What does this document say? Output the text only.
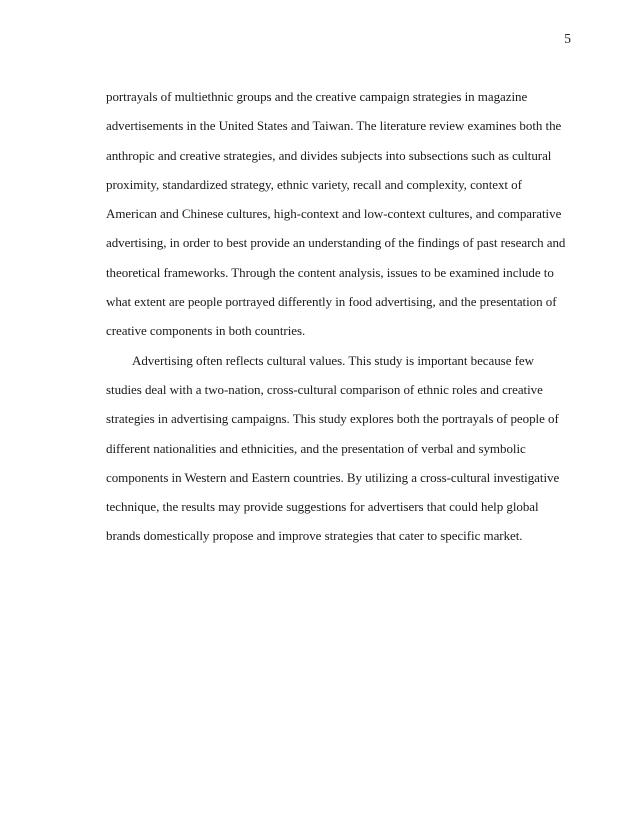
5
portrayals of multiethnic groups and the creative campaign strategies in magazine
advertisements in the United States and Taiwan. The literature review examines both the
anthropic and creative strategies, and divides subjects into subsections such as cultural
proximity, standardized strategy, ethnic variety, recall and complexity, context of
American and Chinese cultures, high-context and low-context cultures, and comparative
advertising, in order to best provide an understanding of the findings of past research and
theoretical frameworks. Through the content analysis, issues to be examined include to
what extent are people portrayed differently in food advertising, and the presentation of
creative components in both countries.
Advertising often reflects cultural values. This study is important because few
studies deal with a two-nation, cross-cultural comparison of ethnic roles and creative
strategies in advertising campaigns. This study explores both the portrayals of people of
different nationalities and ethnicities, and the presentation of verbal and symbolic
components in Western and Eastern countries. By utilizing a cross-cultural investigative
technique, the results may provide suggestions for advertisers that could help global
brands domestically propose and improve strategies that cater to specific market.
